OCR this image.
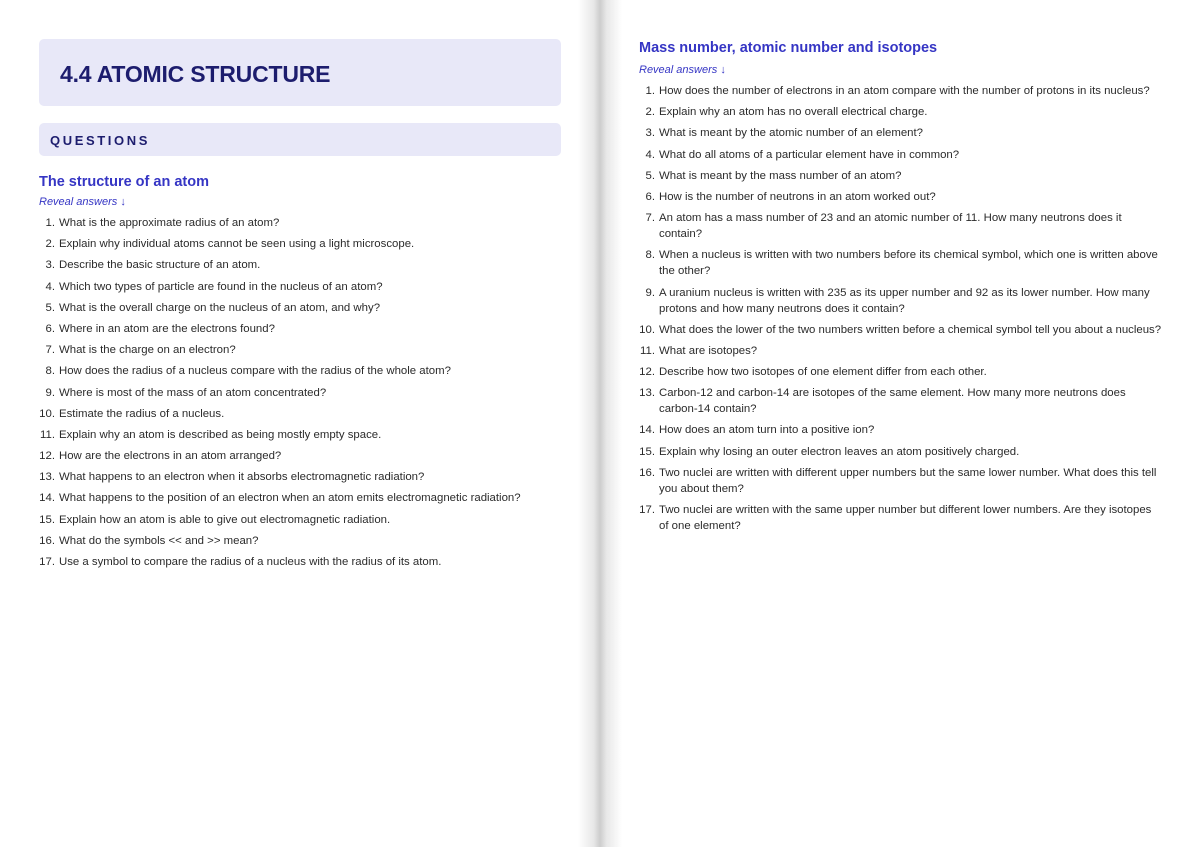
4.4 ATOMIC STRUCTURE
QUESTIONS
The structure of an atom
Reveal answers ↓
1. What is the approximate radius of an atom?
2. Explain why individual atoms cannot be seen using a light microscope.
3. Describe the basic structure of an atom.
4. Which two types of particle are found in the nucleus of an atom?
5. What is the overall charge on the nucleus of an atom, and why?
6. Where in an atom are the electrons found?
7. What is the charge on an electron?
8. How does the radius of a nucleus compare with the radius of the whole atom?
9. Where is most of the mass of an atom concentrated?
10. Estimate the radius of a nucleus.
11. Explain why an atom is described as being mostly empty space.
12. How are the electrons in an atom arranged?
13. What happens to an electron when it absorbs electromagnetic radiation?
14. What happens to the position of an electron when an atom emits electromagnetic radiation?
15. Explain how an atom is able to give out electromagnetic radiation.
16. What do the symbols << and >> mean?
17. Use a symbol to compare the radius of a nucleus with the radius of its atom.
Mass number, atomic number and isotopes
Reveal answers ↓
1. How does the number of electrons in an atom compare with the number of protons in its nucleus?
2. Explain why an atom has no overall electrical charge.
3. What is meant by the atomic number of an element?
4. What do all atoms of a particular element have in common?
5. What is meant by the mass number of an atom?
6. How is the number of neutrons in an atom worked out?
7. An atom has a mass number of 23 and an atomic number of 11. How many neutrons does it contain?
8. When a nucleus is written with two numbers before its chemical symbol, which one is written above the other?
9. A uranium nucleus is written with 235 as its upper number and 92 as its lower number. How many protons and how many neutrons does it contain?
10. What does the lower of the two numbers written before a chemical symbol tell you about a nucleus?
11. What are isotopes?
12. Describe how two isotopes of one element differ from each other.
13. Carbon-12 and carbon-14 are isotopes of the same element. How many more neutrons does carbon-14 contain?
14. How does an atom turn into a positive ion?
15. Explain why losing an outer electron leaves an atom positively charged.
16. Two nuclei are written with different upper numbers but the same lower number. What does this tell you about them?
17. Two nuclei are written with the same upper number but different lower numbers. Are they isotopes of one element?
